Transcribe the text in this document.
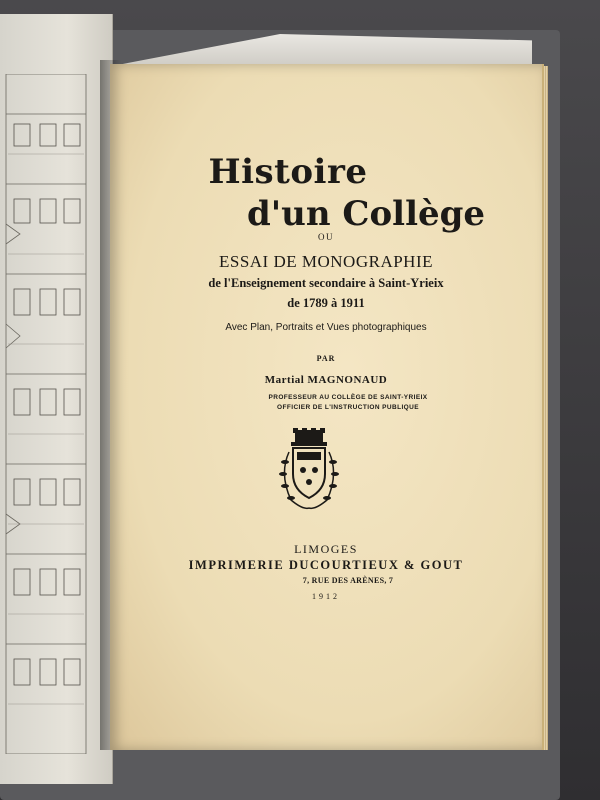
Histoire
d'un Collège
OU
ESSAI DE MONOGRAPHIE
de l'Enseignement secondaire à Saint-Yrieix
de 1789 à 1911
Avec Plan, Portraits et Vues photographiques
PAR
Martial MAGNONAUD
PROFESSEUR AU COLLÈGE DE SAINT-YRIEIX
OFFICIER DE L'INSTRUCTION PUBLIQUE
LIMOGES
IMPRIMERIE DUCOURTIEUX & GOUT
7, RUE DES ARÈNES, 7
1912
